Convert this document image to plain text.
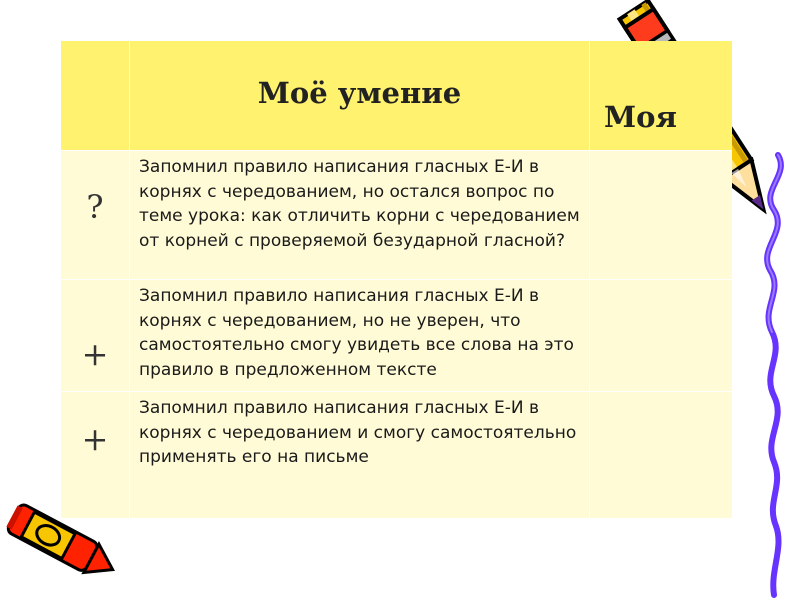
Моё умение

Моя

?
Запомнил правило написания гласных Е-И в корнях с чередованием, но остался вопрос по теме урока: как отличить корни с чередованием от корней с проверяемой безударной гласной?

+

Запомнил правило написания гласных Е-И в корнях с чередованием, но не уверен, что самостоятельно смогу увидеть все слова на это правило в предложенном тексте
+
Запомнил правило написания гласных Е-И в корнях с чередованием и смогу самостоятельно применять его на письме
